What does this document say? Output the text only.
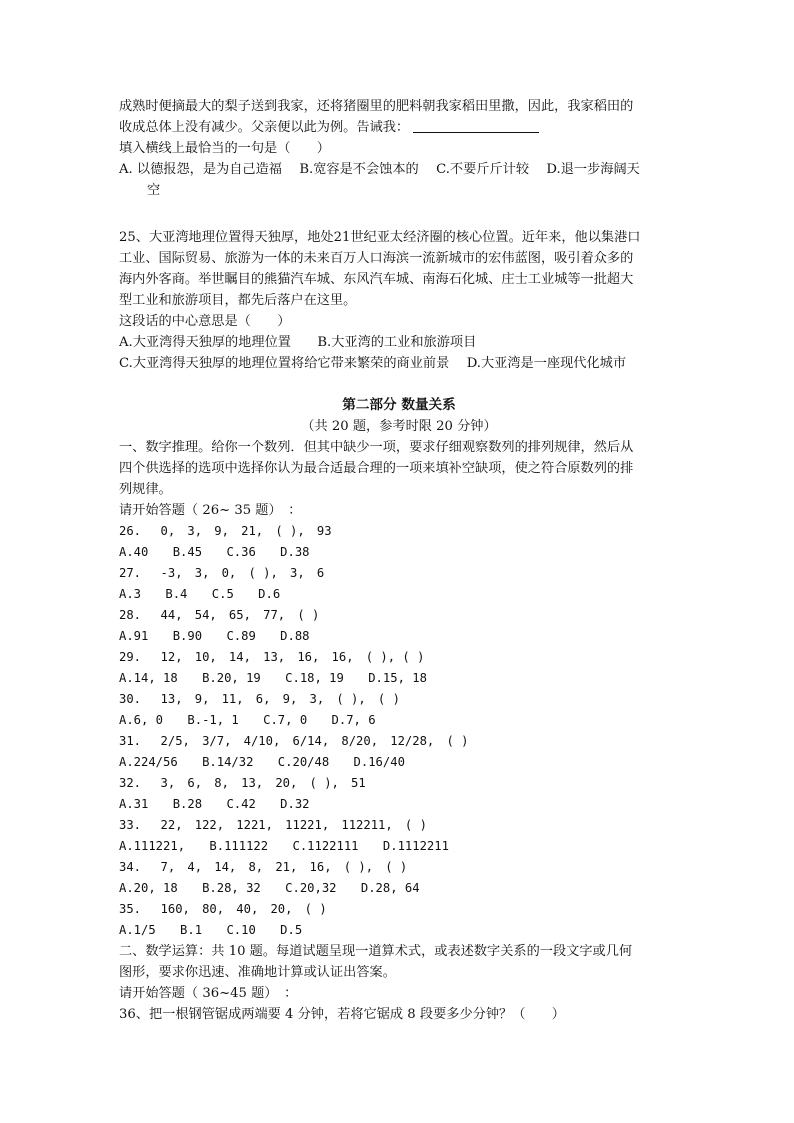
成熟时便摘最大的梨子送到我家，还将猪圈里的肥料朝我家稻田里撒，因此，我家稻田的

收成总体上没有减少。父亲便以此为例。告诫我：

填入横线上最恰当的一句是（　　）

A. 以德报怨，是为自己造福　 B.宽容是不会蚀本的　 C.不要斤斤计较　 D.退一步海阔天

空

25、大亚湾地理位置得天独厚，地处21世纪亚太经济圈的核心位置。近年来，他以集港口

工业、国际贸易、旅游为一体的未来百万人口海滨一流新城市的宏伟蓝图，吸引着众多的

海内外客商。举世瞩目的熊猫汽车城、东风汽车城、南海石化城、庄士工业城等一批超大

型工业和旅游项目，都先后落户在这里。

这段话的中心意思是（　　）

A.大亚湾得天独厚的地理位置　　B.大亚湾的工业和旅游项目

C.大亚湾得天独厚的地理位置将给它带来繁荣的商业前景　 D.大亚湾是一座现代化城市

第二部分 数量关系

（共 20 题，参考时限 20 分钟）

一、数字推理。给你一个数列．但其中缺少一项，要求仔细观察数列的排列规律，然后从

四个供选择的选项中选择你认为最合适最合理的一项来填补空缺项，使之符合原数列的排

列规律。

请开始答题（ 26~ 35 题）　：

26.　 0,　3,　9,　21,　( ),　93

A.40　　B.45　　C.36　　D.38

27.　 -3,　3,　0,　( ),　3,　6

A.3　　B.4　　C.5　　D.6

28.　 44,　54,　65,　77,　( )

A.91　　B.90　　C.89　　D.88

29.　 12,　10,　14,　13,　16,　16,　( ), ( )

A.14, 18　　B.20, 19　　C.18, 19　　D.15, 18

30.　 13,　9,　11,　6,　9,　3,　( ),　( )

A.6, 0　　B.-1, 1　　C.7, 0　　D.7, 6

31.　 2/5,　3/7,　4/10,　6/14,　8/20,　12/28,　( )

A.224/56　　B.14/32　　C.20/48　　D.16/40

32.　 3,　6,　8,　13,　20,　( ),　51

A.31　　B.28　　C.42　　D.32

33.　 22,　122,　1221,　11221,　112211,　( )

A.111221,　　B.111122　　C.1122111　　D.1112211

34.　 7,　4,　14,　8,　21,　16,　( ),　( )

A.20, 18　　B.28, 32　　C.20,32　　D.28, 64

35.　 160,　80,　40,　20,　( )

A.1/5　　B.1　　C.10　　D.5

二、数学运算：共 10 题。每道试题呈现一道算术式，或表述数字关系的一段文字或几何

图形，要求你迅速、准确地计算或认证出答案。

请开始答题（ 36~45 题）　：

36、把一根钢管锯成两端要 4 分钟，若将它锯成 8 段要多少分钟？（　　）
